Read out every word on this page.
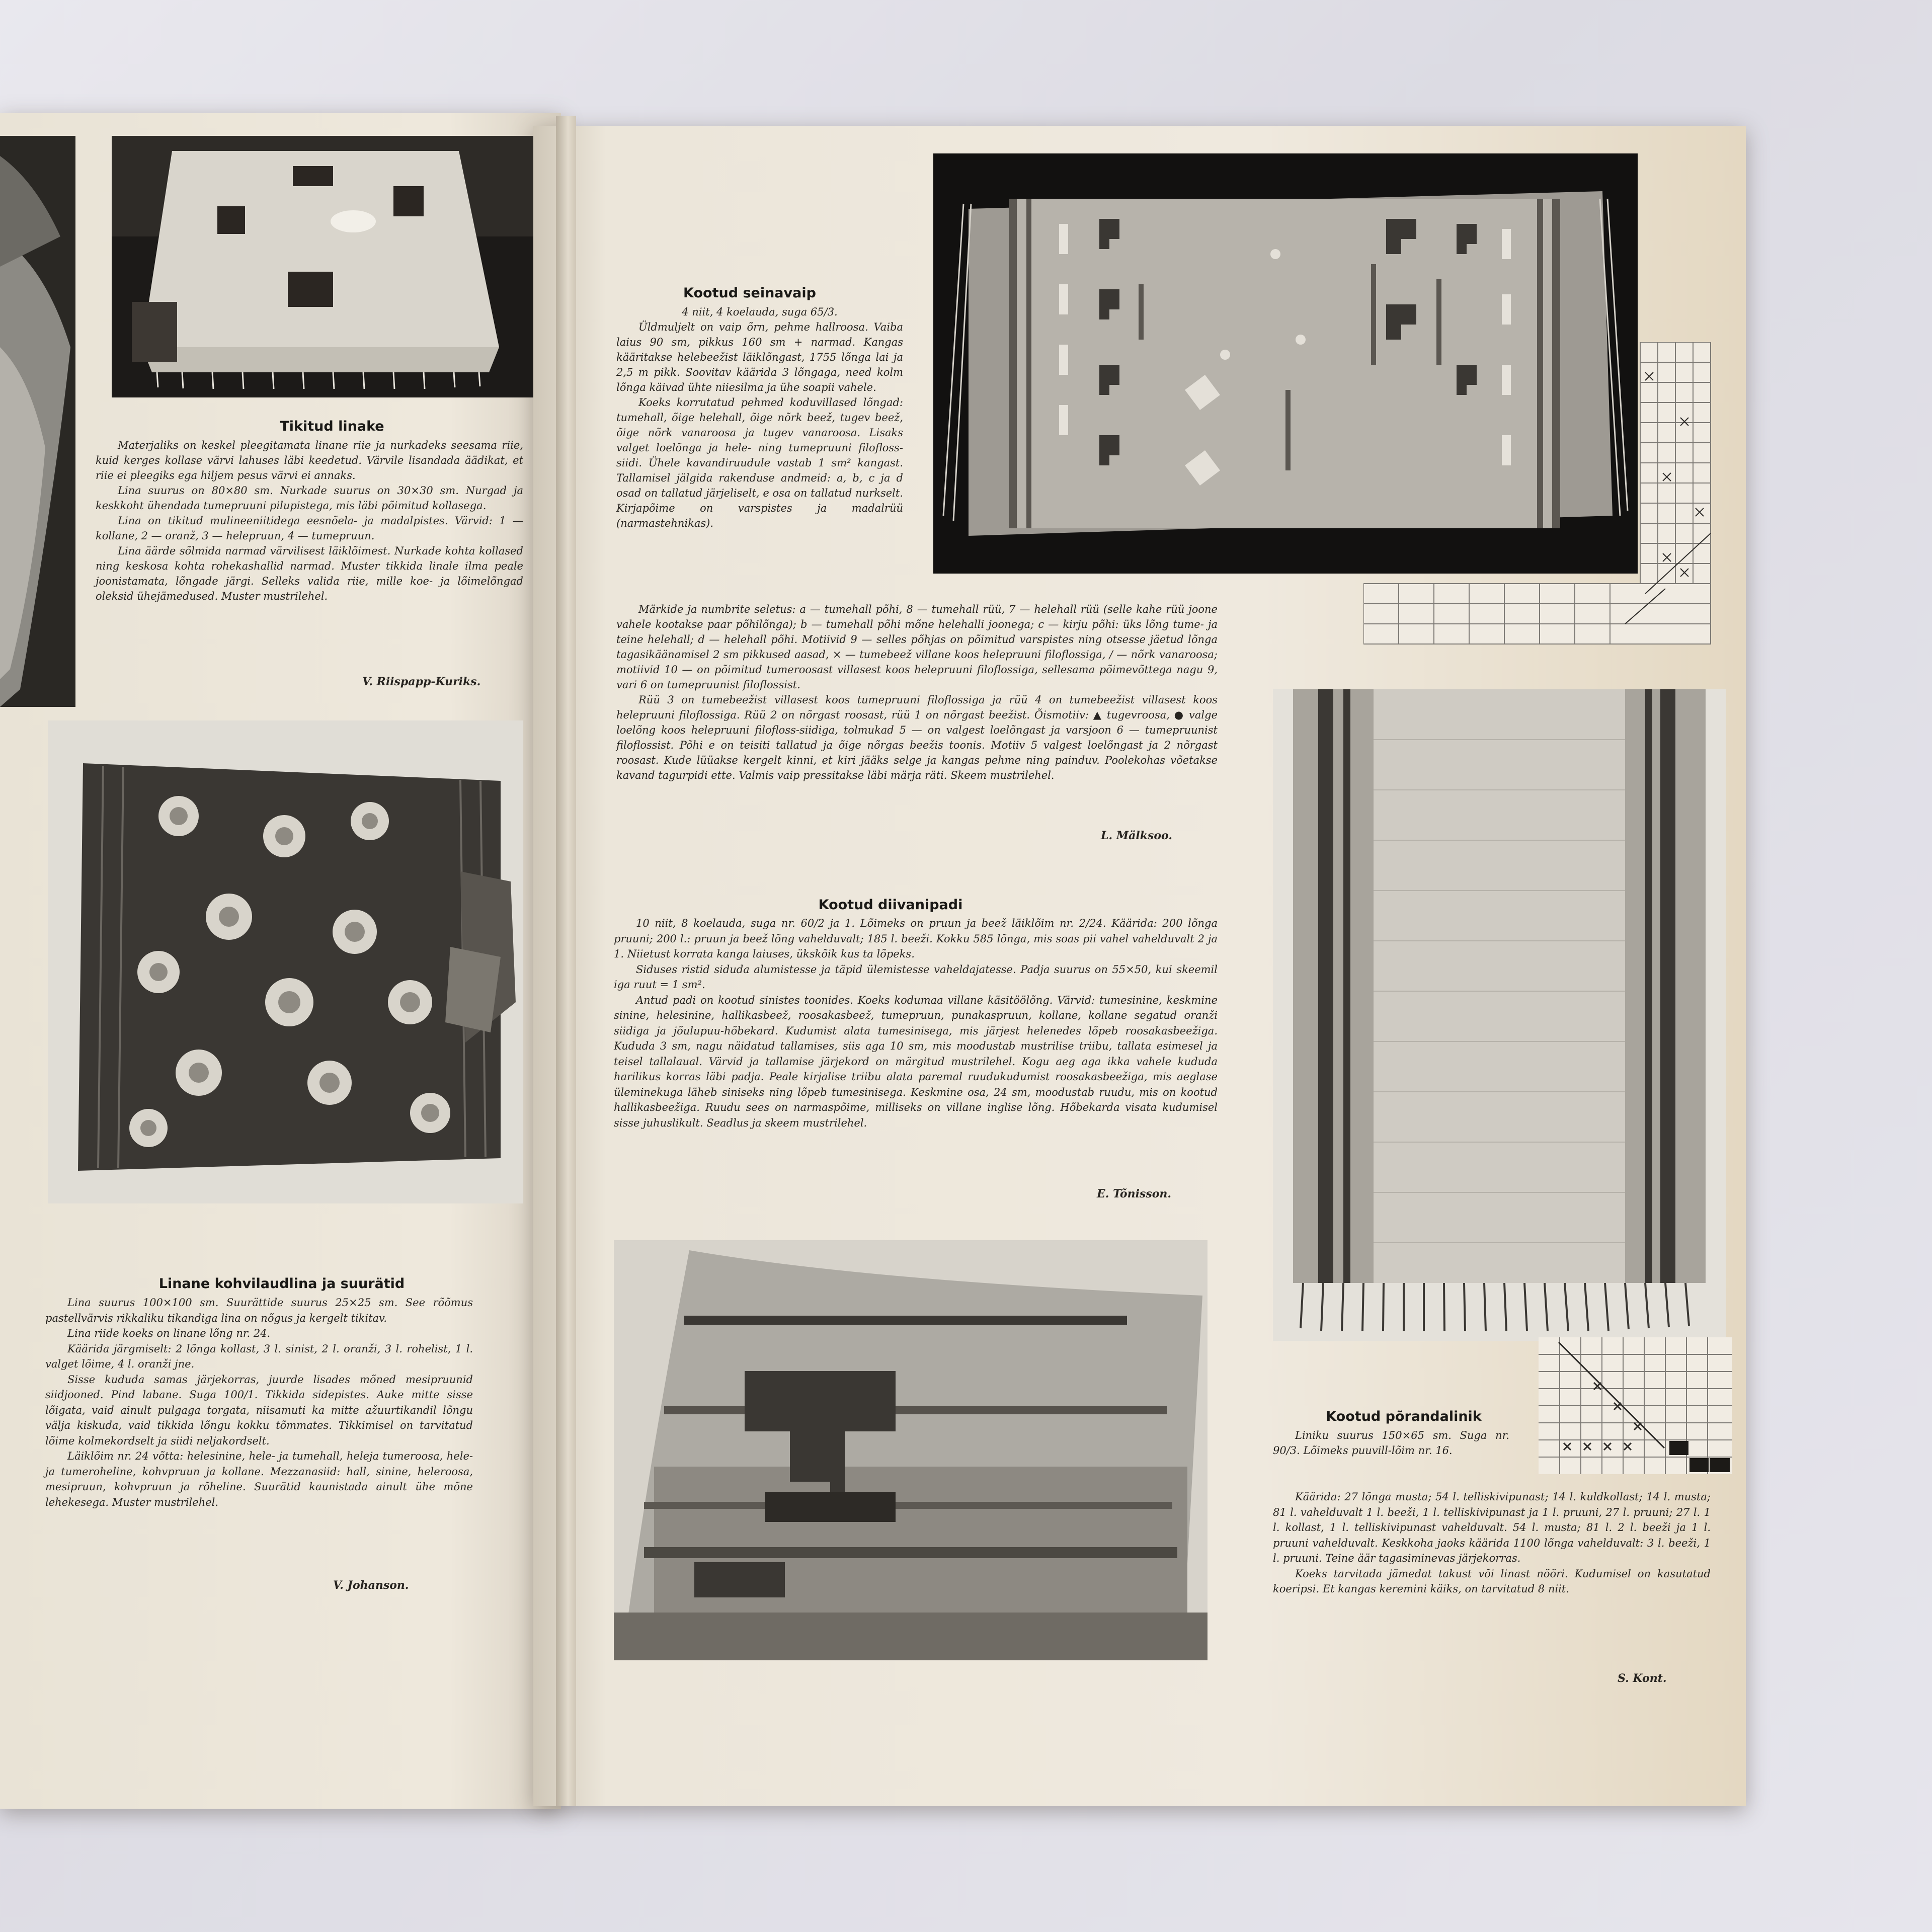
Tikitud linake

Materjaliks on keskel pleegitamata linane riie ja nurkadeks seesama riie, kuid kerges kollase värvi lahuses läbi keedetud. Värvile lisandada äädikat, et riie ei pleegiks ega hiljem pesus värvi ei annaks.

Lina suurus on 80×80 sm. Nurkade suurus on 30×30 sm. Nurgad ja keskkoht ühendada tumepruuni pilupistega, mis läbi põimitud kollasega.

Lina on tikitud mulineeniitidega eesnõela- ja madalpistes. Värvid: 1 — kollane, 2 — oranž, 3 — helepruun, 4 — tumepruun.

Lina äärde sõlmida narmad värvilisest läiklõimest. Nurkade kohta kollased ning keskosa kohta rohekashallid narmad. Muster tikkida linale ilma peale joonistamata, lõngade järgi. Selleks valida riie, mille koe- ja lõimelõngad oleksid ühejämedused. Muster mustrilehel.

V. Riispapp-Kuriks.
Linane kohvilaudlina ja suurätid

Lina suurus 100×100 sm. Suurättide suurus 25×25 sm. See rõõmus pastellvärvis rikkaliku tikandiga lina on nõgus ja kergelt tikitav.

Lina riide koeks on linane lõng nr. 24.

Käärida järgmiselt: 2 lõnga kollast, 3 l. sinist, 2 l. oranži, 3 l. rohelist, 1 l. valget lõime, 4 l. oranži jne.

Sisse kududa samas järjekorras, juurde lisades mõned mesipruunid siidjooned. Pind labane. Suga 100/1. Tikkida sidepistes. Auke mitte sisse lõigata, vaid ainult pulgaga torgata, niisamuti ka mitte ažuurtikandil lõngu välja kiskuda, vaid tikkida lõngu kokku tõmmates. Tikkimisel on tarvitatud lõime kolmekordselt ja siidi neljakordselt.

Läiklõim nr. 24 võtta: helesinine, hele- ja tumehall, heleja tumeroosa, hele- ja tumeroheline, kohvpruun ja kollane. Mezzanasiid: hall, sinine, heleroosa, mesipruun, kohvpruun ja rõheline. Suurätid kaunistada ainult ühe mõne lehekesega. Muster mustrilehel.

V. Johanson.
Kootud seinavaip

4 niit, 4 koelauda, suga 65/3.

Üldmuljelt on vaip õrn, pehme hallroosa. Vaiba laius 90 sm, pikkus 160 sm + narmad. Kangas kääritakse helebeežist läiklõngast, 1755 lõnga lai ja 2,5 m pikk. Soovitav käärida 3 lõngaga, need kolm lõnga käivad ühte niiesilma ja ühe soapii vahele.

Koeks korrutatud pehmed koduvillased lõngad: tumehall, õige helehall, õige nõrk beež, tugev beež, õige nõrk vanaroosa ja tugev vanaroosa. Lisaks valget loelõnga ja hele- ning tumepruuni filofloss-siidi. Ühele kavandiruudule vastab 1 sm² kangast. Tallamisel jälgida rakenduse andmeid: a, b, c ja d osad on tallatud järjeliselt, e osa on tallatud nurkselt. Kirjapõime on varspistes ja madalrüü (narmastehnikas).

Märkide ja numbrite seletus: a — tumehall põhi, 8 — tumehall rüü, 7 — helehall rüü (selle kahe rüü joone vahele kootakse paar põhilõnga); b — tumehall põhi mõne helehalli joonega; c — kirju põhi: üks lõng tume- ja teine helehall; d — helehall põhi. Motiivid 9 — selles põhjas on põimitud varspistes ning otsesse jäetud lõnga tagasikäänamisel 2 sm pikkused aasad, × — tumebeež villane koos helepruuni filoflossiga, / — nõrk vanaroosa; motiivid 10 — on põimitud tumeroosast villasest koos helepruuni filoflossiga, sellesama põimevõttega nagu 9, vari 6 on tumepruunist filoflossist.

Rüü 3 on tumebeežist villasest koos tumepruuni filoflossiga ja rüü 4 on tumebeežist villasest koos helepruuni filoflossiga. Rüü 2 on nõrgast roosast, rüü 1 on nõrgast beežist. Õismotiiv: ▲ tugevroosa, ● valge loelõng koos helepruuni filofloss-siidiga, tolmukad 5 — on valgest loelõngast ja varsjoon 6 — tumepruunist filoflossist. Põhi e on teisiti tallatud ja õige nõrgas beežis toonis. Motiiv 5 valgest loelõngast ja 2 nõrgast roosast. Kude lüüakse kergelt kinni, et kiri jääks selge ja kangas pehme ning painduv. Poolekohas võetakse kavand tagurpidi ette. Valmis vaip pressitakse läbi märja räti. Skeem mustrilehel.

L. Mälksoo.
Kootud diivanipadi

10 niit, 8 koelauda, suga nr. 60/2 ja 1. Lõimeks on pruun ja beež läiklõim nr. 2/24. Käärida: 200 lõnga pruuni; 200 l.: pruun ja beež lõng vahelduvalt; 185 l. beeži. Kokku 585 lõnga, mis soas pii vahel vahelduvalt 2 ja 1. Niietust korrata kanga laiuses, ükskõik kus ta lõpeks.

Siduses ristid siduda alumistesse ja täpid ülemistesse vaheldajatesse. Padja suurus on 55×50, kui skeemil iga ruut = 1 sm².

Antud padi on kootud sinistes toonides. Koeks kodumaa villane käsitöölõng. Värvid: tumesinine, keskmine sinine, helesinine, hallikasbeež, roosakasbeež, tumepruun, punakaspruun, kollane, kollane segatud oranži siidiga ja jõulupuu-hõbekard. Kudumist alata tumesinisega, mis järjest helenedes lõpeb roosakasbeežiga. Kududa 3 sm, nagu näidatud tallamises, siis aga 10 sm, mis moodustab mustrilise triibu, tallata esimesel ja teisel tallalaual. Värvid ja tallamise järjekord on märgitud mustrilehel. Kogu aeg aga ikka vahele kududa harilikus korras läbi padja. Peale kirjalise triibu alata paremal ruudukudumist roosakasbeežiga, mis aeglase üleminekuga läheb siniseks ning lõpeb tumesinisega. Keskmine osa, 24 sm, moodustab ruudu, mis on kootud hallikasbeežiga. Ruudu sees on narmaspõime, milliseks on villane inglise lõng. Hõbekarda visata kudumisel sisse juhuslikult. Seadlus ja skeem mustrilehel.

E. Tõnisson.
Kootud põrandalinik

Liniku suurus 150×65 sm. Suga nr. 90/3. Lõimeks puuvill-lõim nr. 16.

Käärida: 27 lõnga musta; 54 l. telliskivipunast; 14 l. kuldkollast; 14 l. musta; 81 l. vahelduvalt 1 l. beeži, 1 l. telliskivipunast ja 1 l. pruuni, 27 l. pruuni; 27 l. 1 l. kollast, 1 l. telliskivipunast vahelduvalt. 54 l. musta; 81 l. 2 l. beeži ja 1 l. pruuni vahelduvalt. Keskkoha jaoks käärida 1100 lõnga vahelduvalt: 3 l. beeži, 1 l. pruuni. Teine äär tagasiminevas järjekorras.

Koeks tarvitada jämedat takust või linast nööri. Kudumisel on kasutatud koeripsi. Et kangas keremini käiks, on tarvitatud 8 niit.

S. Kont.
